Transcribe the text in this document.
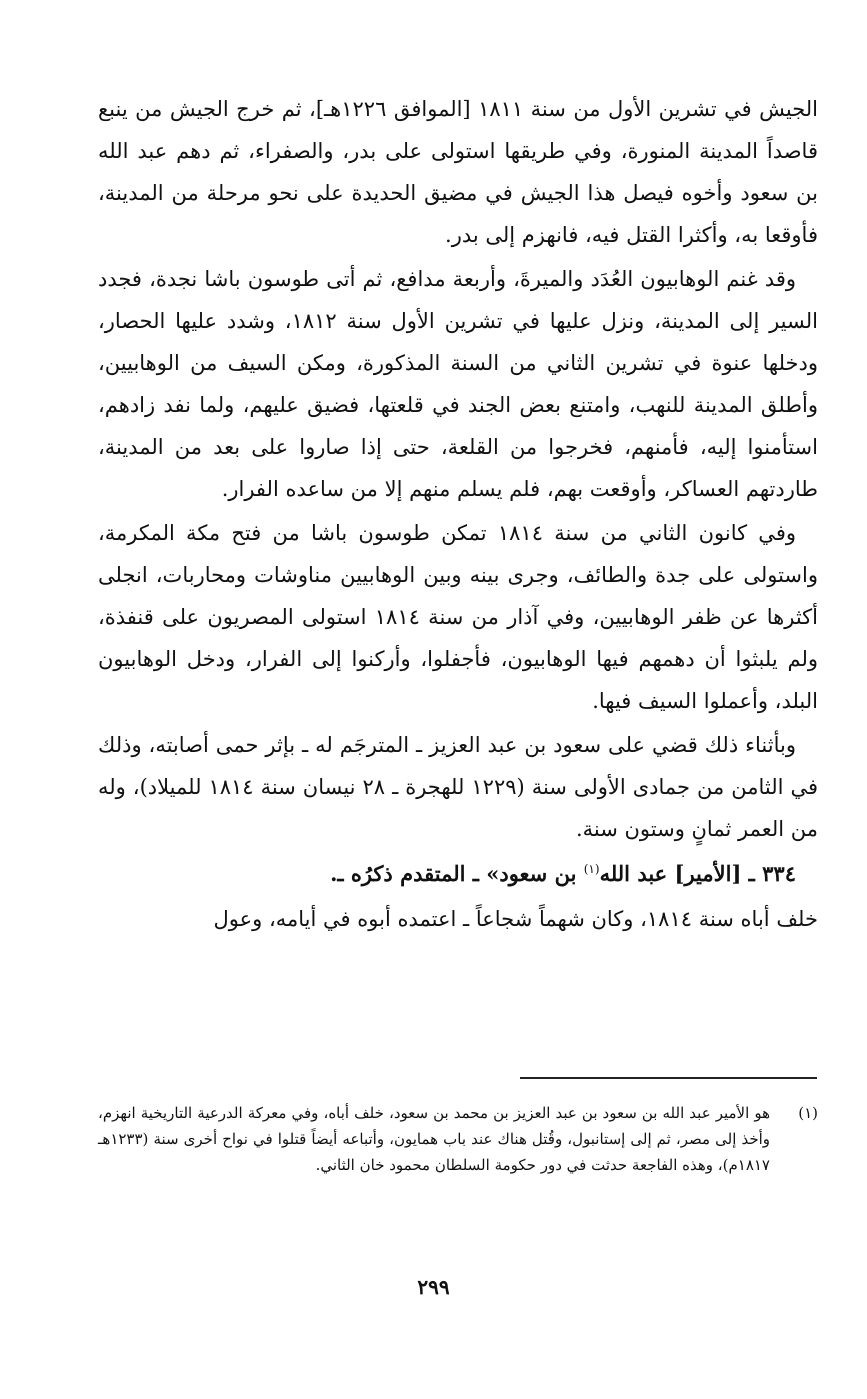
الجيش في تشرين الأول من سنة ١٨١١ [الموافق ١٢٢٦هـ]، ثم خرج الجيش من ينبع قاصداً المدينة المنورة، وفي طريقها استولى على بدر، والصفراء، ثم دهم عبد الله بن سعود وأخوه فيصل هذا الجيش في مضيق الحديدة على نحو مرحلة من المدينة، فأوقعا به، وأكثرا القتل فيه، فانهزم إلى بدر.

وقد غنم الوهابيون العُدَد والميرةَ، وأربعة مدافع، ثم أتى طوسون باشا نجدة، فجدد السير إلى المدينة، ونزل عليها في تشرين الأول سنة ١٨١٢، وشدد عليها الحصار، ودخلها عنوة في تشرين الثاني من السنة المذكورة، ومكن السيف من الوهابيين، وأطلق المدينة للنهب، وامتنع بعض الجند في قلعتها، فضيق عليهم، ولما نفد زادهم، استأمنوا إليه، فأمنهم، فخرجوا من القلعة، حتى إذا صاروا على بعد من المدينة، طاردتهم العساكر، وأوقعت بهم، فلم يسلم منهم إلا من ساعده الفرار.

وفي كانون الثاني من سنة ١٨١٤ تمكن طوسون باشا من فتح مكة المكرمة، واستولى على جدة والطائف، وجرى بينه وبين الوهابيين مناوشات ومحاربات، انجلى أكثرها عن ظفر الوهابيين، وفي آذار من سنة ١٨١٤ استولى المصريون على قنفذة، ولم يلبثوا أن دهمهم فيها الوهابيون، فأجفلوا، وأركنوا إلى الفرار، ودخل الوهابيون البلد، وأعملوا السيف فيها.

وبأثناء ذلك قضي على سعود بن عبد العزيز ـ المترجَم له ـ بإثر حمى أصابته، وذلك في الثامن من جمادى الأولى سنة (١٢٢٩ للهجرة ـ ٢٨ نيسان سنة ١٨١٤ للميلاد)، وله من العمر ثمانٍ وستون سنة.

٣٣٤ ـ [الأمير] عبد الله$^{(١)}$ بن سعود» ـ المتقدم ذكرُه ـ.

خلف أباه سنة ١٨١٤، وكان شهماً شجاعاً ـ اعتمده أبوه في أيامه، وعول

(١)
هو الأمير عبد الله بن سعود بن عبد العزيز بن محمد بن سعود، خلف أباه، وفي معركة الدرعية التاريخية انهزم، وأخذ إلى مصر، ثم إلى إستانبول، وقُتل هناك عند باب همايون، وأتباعه أيضاً قتلوا في نواح أخرى سنة (١٢٣٣هـ ١٨١٧م)، وهذه الفاجعة حدثت في دور حكومة السلطان محمود خان الثاني.
٢٩٩
